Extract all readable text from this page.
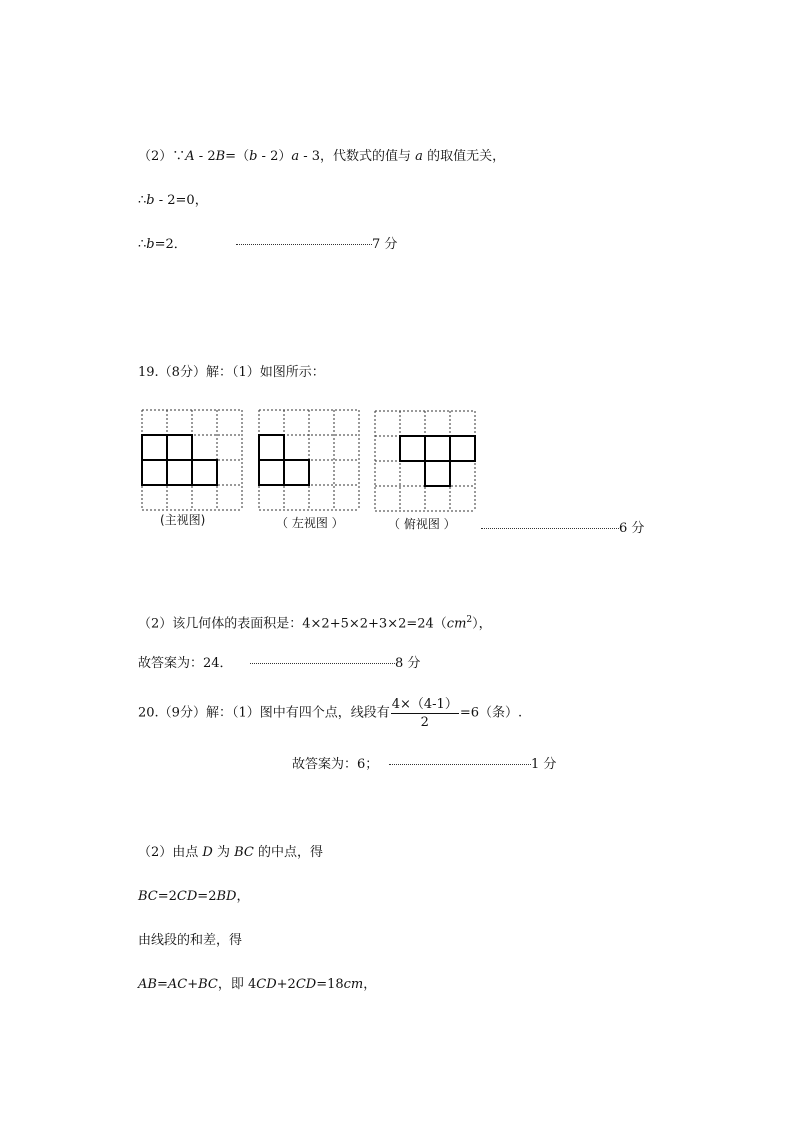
（2）∵A - 2B=（b - 2）a - 3，代数式的值与 a 的取值无关，
∴b - 2=0，
∴b=2．	7 分
19.（8分）解：（1）如图所示：
(主视图)	（ 左视图 ）	（ 俯视图 ）	6 分
（2）该几何体的表面积是：$4\times 2+5\times 2+3\times 2=24(cm^2)$，
故答案为：24．	8 分
20.（9分）解：（1）图中有四个点，线段有 $\frac{4\times(4-1)}{2} =6$（条）.
故答案为：6；	1 分
（2）由点 D 为 BC 的中点，得
BC=2CD=2BD，
由线段的和差，得
AB=AC+BC，即 4CD+2CD=18cm，
